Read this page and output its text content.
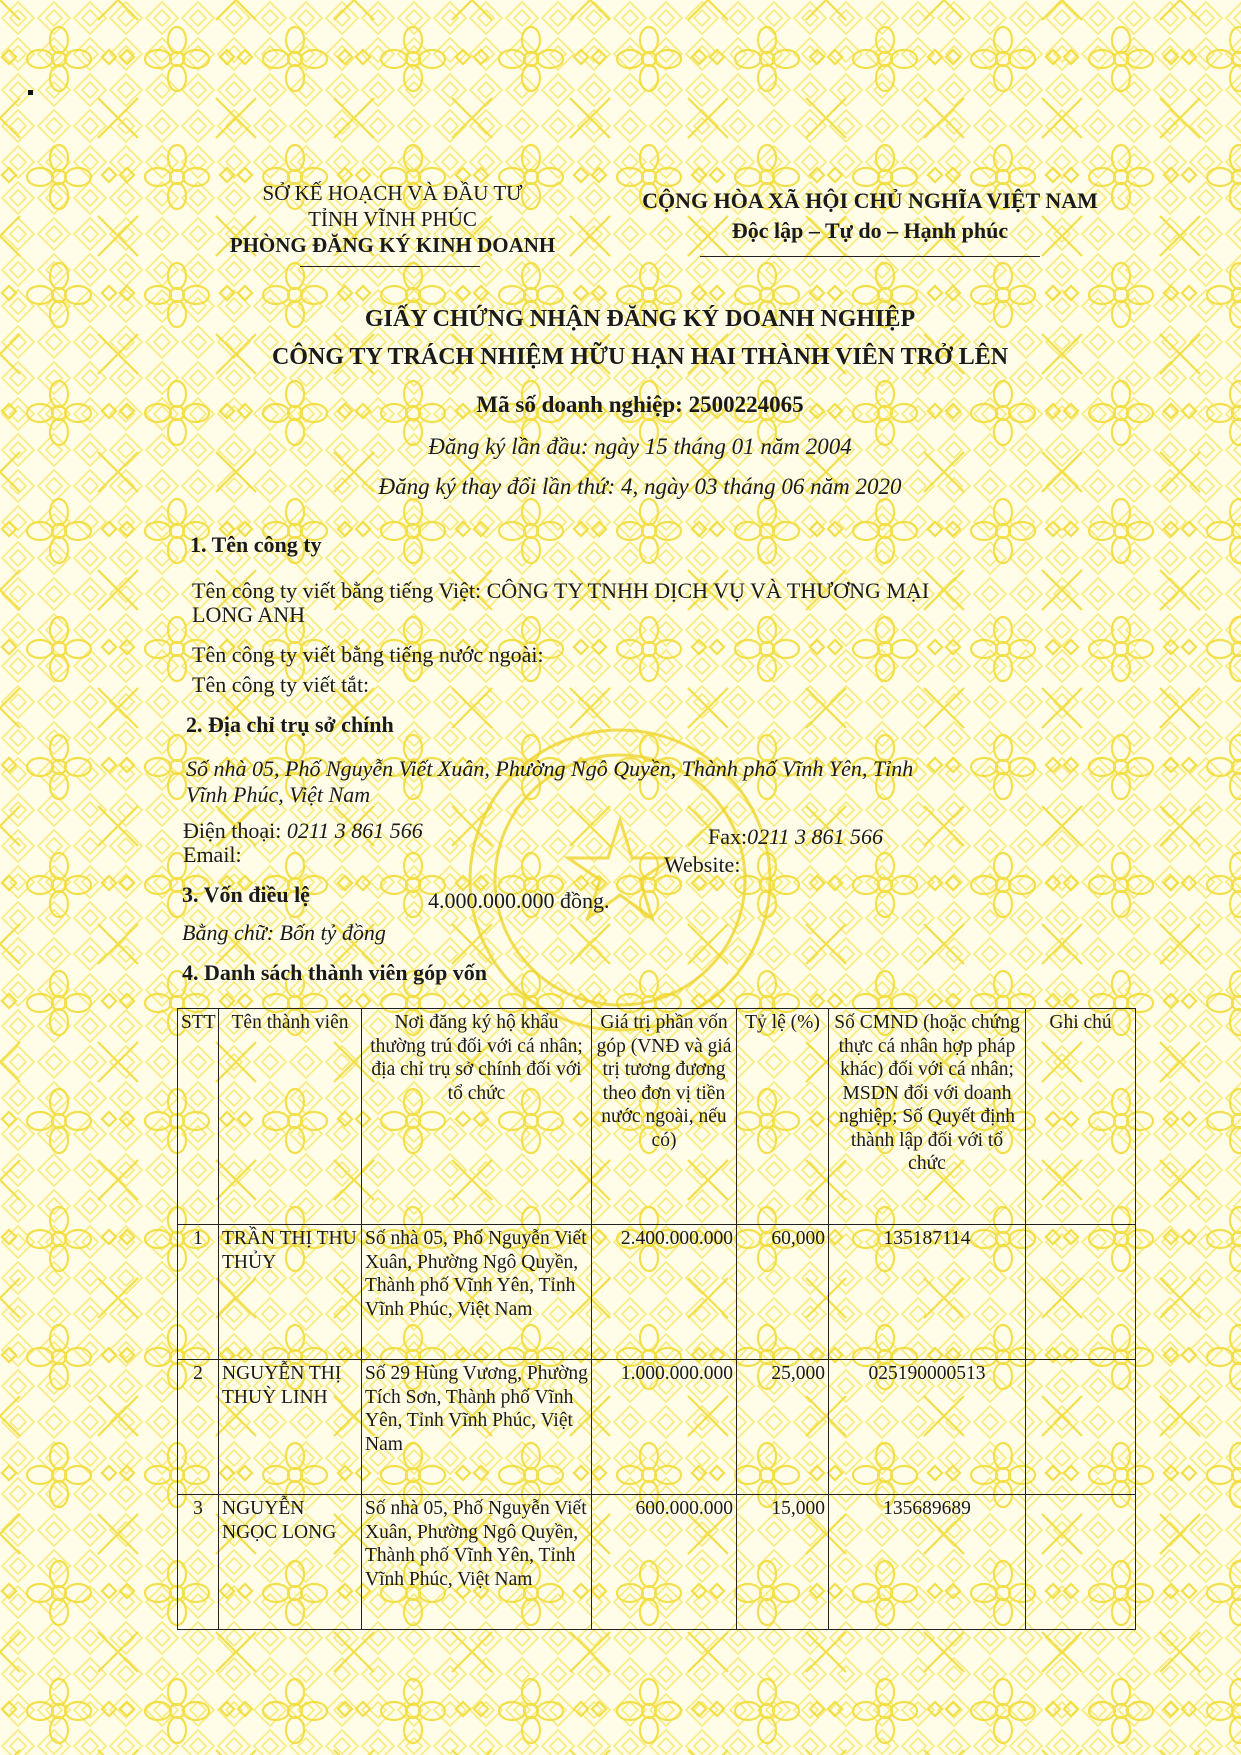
SỞ KẾ HOẠCH VÀ ĐẦU TƯ
TỈNH VĨNH PHÚC
PHÒNG ĐĂNG KÝ KINH DOANH
CỘNG HÒA XÃ HỘI CHỦ NGHĨA VIỆT NAM
Độc lập – Tự do – Hạnh phúc
GIẤY CHỨNG NHẬN ĐĂNG KÝ DOANH NGHIỆP
CÔNG TY TRÁCH NHIỆM HỮU HẠN HAI THÀNH VIÊN TRỞ LÊN
Mã số doanh nghiệp: 2500224065
Đăng ký lần đầu: ngày 15 tháng 01 năm 2004
Đăng ký thay đổi lần thứ: 4, ngày 03 tháng 06 năm 2020
1. Tên công ty
Tên công ty viết bằng tiếng Việt: CÔNG TY TNHH DỊCH VỤ VÀ THƯƠNG MẠI
LONG ANH
Tên công ty viết bằng tiếng nước ngoài:
Tên công ty viết tắt:
2. Địa chỉ trụ sở chính
Số nhà 05, Phố Nguyễn Viết Xuân, Phường Ngô Quyền, Thành phố Vĩnh Yên, Tỉnh
Vĩnh Phúc, Việt Nam
Điện thoại: 0211 3 861 566	Fax:0211 3 861 566
Email:	Website:
3. Vốn điều lệ	4.000.000.000 đồng.
Bằng chữ: Bốn tỷ đồng
4. Danh sách thành viên góp vốn
STT	Tên thành viên	Nơi đăng ký hộ khẩu thường trú đối với cá nhân; địa chỉ trụ sở chính đối với tổ chức	Giá trị phần vốn góp (VNĐ và giá trị tương đương theo đơn vị tiền nước ngoài, nếu có)	Tỷ lệ (%)	Số CMND (hoặc chứng thực cá nhân hợp pháp khác) đối với cá nhân; MSDN đối với doanh nghiệp; Số Quyết định thành lập đối với tổ chức	Ghi chú
1	TRẦN THỊ THU THỦY	Số nhà 05, Phố Nguyễn Viết Xuân, Phường Ngô Quyền, Thành phố Vĩnh Yên, Tỉnh Vĩnh Phúc, Việt Nam	2.400.000.000	60,000	135187114	
2	NGUYỄN THỊ THUỲ LINH	Số 29 Hùng Vương, Phường Tích Sơn, Thành phố Vĩnh Yên, Tỉnh Vĩnh Phúc, Việt Nam	1.000.000.000	25,000	025190000513	
3	NGUYỄN NGỌC LONG	Số nhà 05, Phố Nguyễn Viết Xuân, Phường Ngô Quyền, Thành phố Vĩnh Yên, Tỉnh Vĩnh Phúc, Việt Nam	600.000.000	15,000	135689689	
